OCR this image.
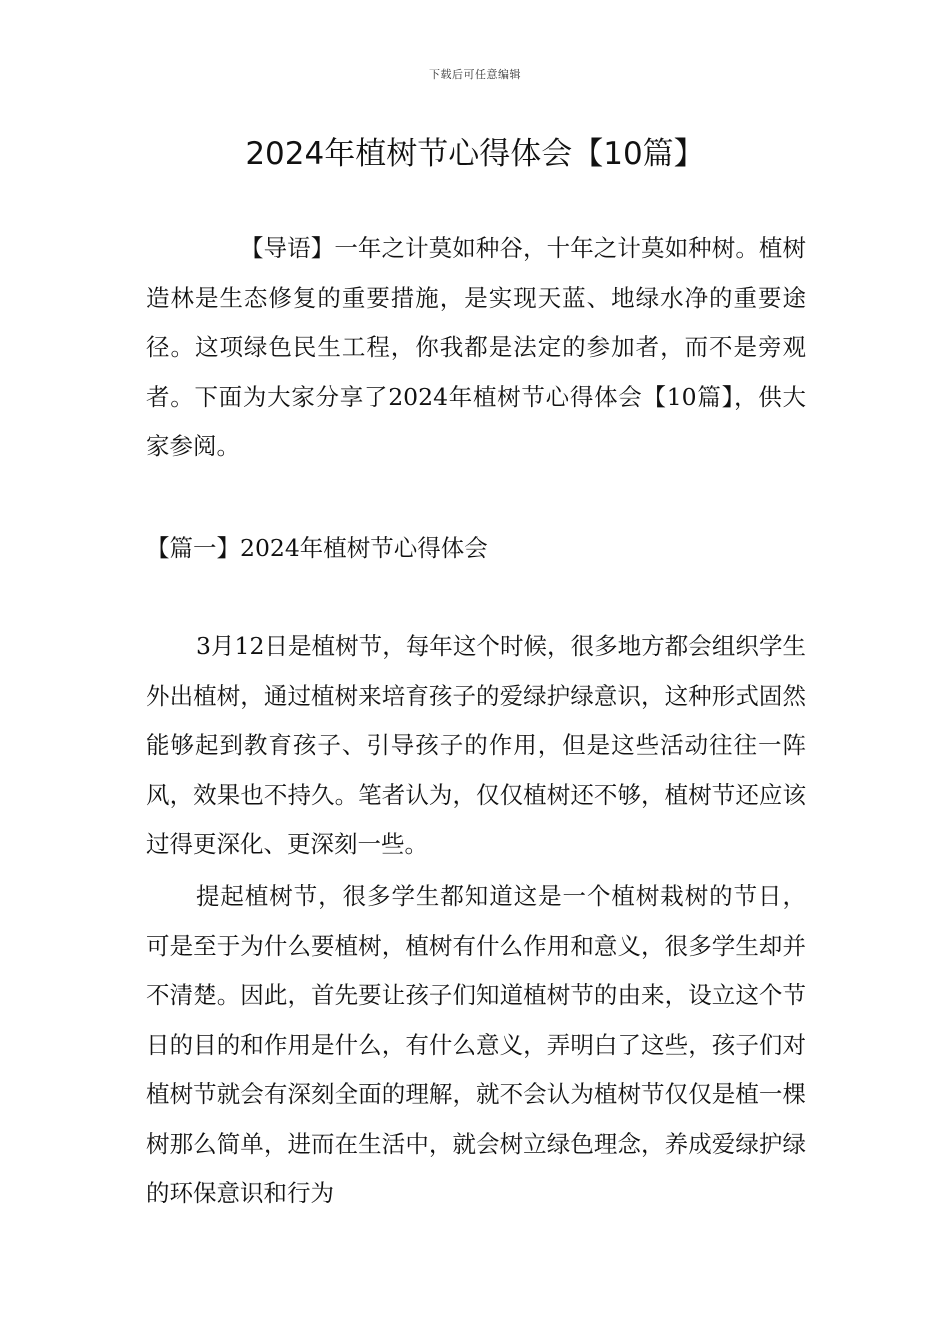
下载后可任意编辑
2024年植树节心得体会【10篇】

【导语】一年之计莫如种谷，十年之计莫如种树。植树造林是生态修复的重要措施，是实现天蓝、地绿水净的重要途径。这项绿色民生工程，你我都是法定的参加者，而不是旁观者。下面为大家分享了2024年植树节心得体会【10篇】，供大家参阅。

【篇一】2024年植树节心得体会

3月12日是植树节，每年这个时候，很多地方都会组织学生外出植树，通过植树来培育孩子的爱绿护绿意识，这种形式固然能够起到教育孩子、引导孩子的作用，但是这些活动往往一阵风，效果也不持久。笔者认为，仅仅植树还不够，植树节还应该过得更深化、更深刻一些。

提起植树节，很多学生都知道这是一个植树栽树的节日，可是至于为什么要植树，植树有什么作用和意义，很多学生却并不清楚。因此，首先要让孩子们知道植树节的由来，设立这个节日的目的和作用是什么，有什么意义，弄明白了这些，孩子们对植树节就会有深刻全面的理解，就不会认为植树节仅仅是植一棵树那么简单，进而在生活中，就会树立绿色理念，养成爱绿护绿的环保意识和行为
